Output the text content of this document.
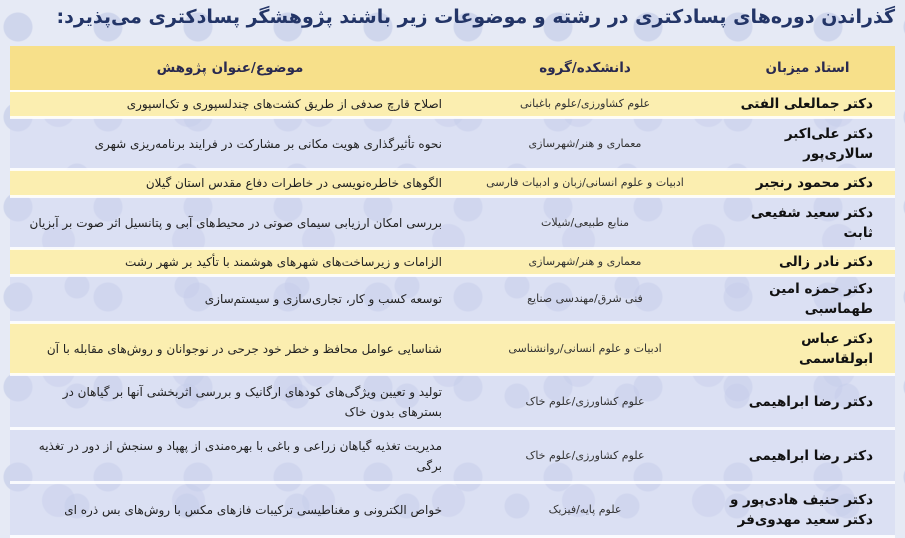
گذراندن دوره‌های پسادکتری در رشته و موضوعات زیر باشند پژوهشگر پسادکتری می‌پذیرد:
استاد میزبان	دانشکده/گروه	موضوع/عنوان پژوهش
دکتر جمالعلی الفتی	علوم کشاورزی/علوم باغبانی	اصلاح قارچ صدفی از طریق کشت‌های چندلسپوری و تک‌اسپوری
دکتر علی‌اکبر سالاری‌پور	معماری و هنر/شهرسازی	نحوه تأثیرگذاری هویت مکانی بر مشارکت در فرایند برنامه‌ریزی شهری
دکتر محمود رنجبر	ادبیات و علوم انسانی/زبان و ادبیات فارسی	الگوهای خاطره‌نویسی در خاطرات دفاع مقدس استان گیلان
دکتر سعید شفیعی ثابت	منابع طبیعی/شیلات	بررسی امکان ارزیابی سیمای صوتی در محیط‌های آبی و پتانسیل اثر صوت بر آبزیان
دکتر نادر زالی	معماری و هنر/شهرسازی	الزامات و زیرساخت‌های شهرهای هوشمند با تأکید بر شهر رشت
دکتر حمزه امین طهماسبی	فنی شرق/مهندسی صنایع	توسعه کسب و کار، تجاری‌سازی و سیستم‌سازی
دکتر عباس ابولقاسمی	ادبیات و علوم انسانی/روانشناسی	شناسایی عوامل محافظ و خطر خود جرحی در نوجوانان و روش‌های مقابله با آن
دکتر رضا ابراهیمی	علوم کشاورزی/علوم خاک	تولید و تعیین ویژگی‌های کودهای ارگانیک و بررسی اثربخشی آنها بر گیاهان در بسترهای بدون خاک
دکتر رضا ابراهیمی	علوم کشاورزی/علوم خاک	مدیریت تغذیه گیاهان زراعی و باغی با بهره‌مندی از پهپاد و سنجش از دور در تغذیه برگی
دکتر حنیف هادی‌پور و دکتر سعید مهدوی‌فر	علوم پایه/فیزیک	خواص الکترونی و مغناطیسی ترکیبات فازهای مکس با روش‌های بس ذره ای
